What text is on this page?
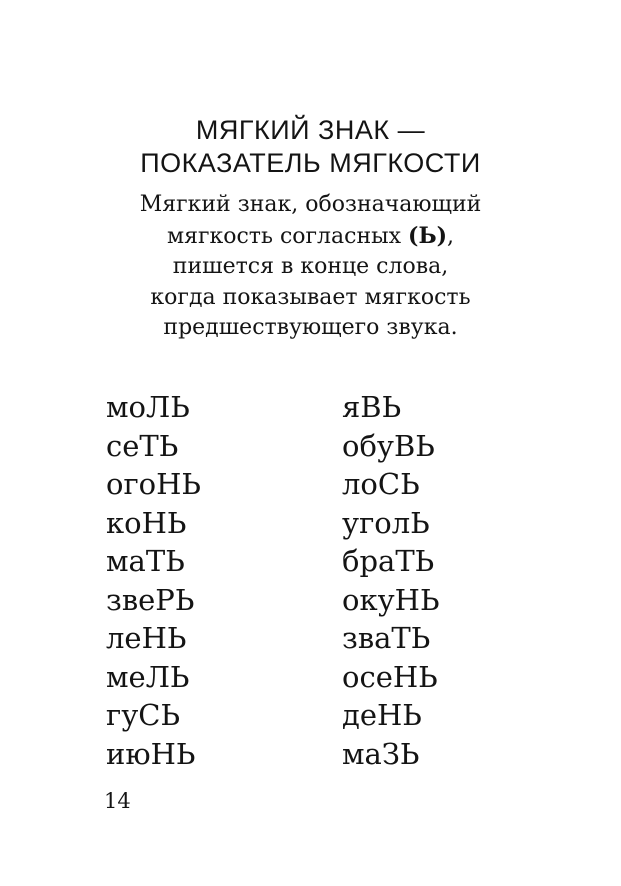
МЯГКИЙ ЗНАК —
ПОКАЗАТЕЛЬ МЯГКОСТИ
Мягкий знак, обозначающий
мягкость согласных (Ь),
пишется в конце слова,
когда показывает мягкость
предшествующего звука.
моЛЬ
сеТЬ
огоНЬ
коНЬ
маТЬ
звеРЬ
леНЬ
меЛЬ
гуСЬ
июНЬ
яВЬ
обуВЬ
лоСЬ
уголЬ
браТЬ
окуНЬ
зваТЬ
осеНЬ
деНЬ
маЗЬ
14
